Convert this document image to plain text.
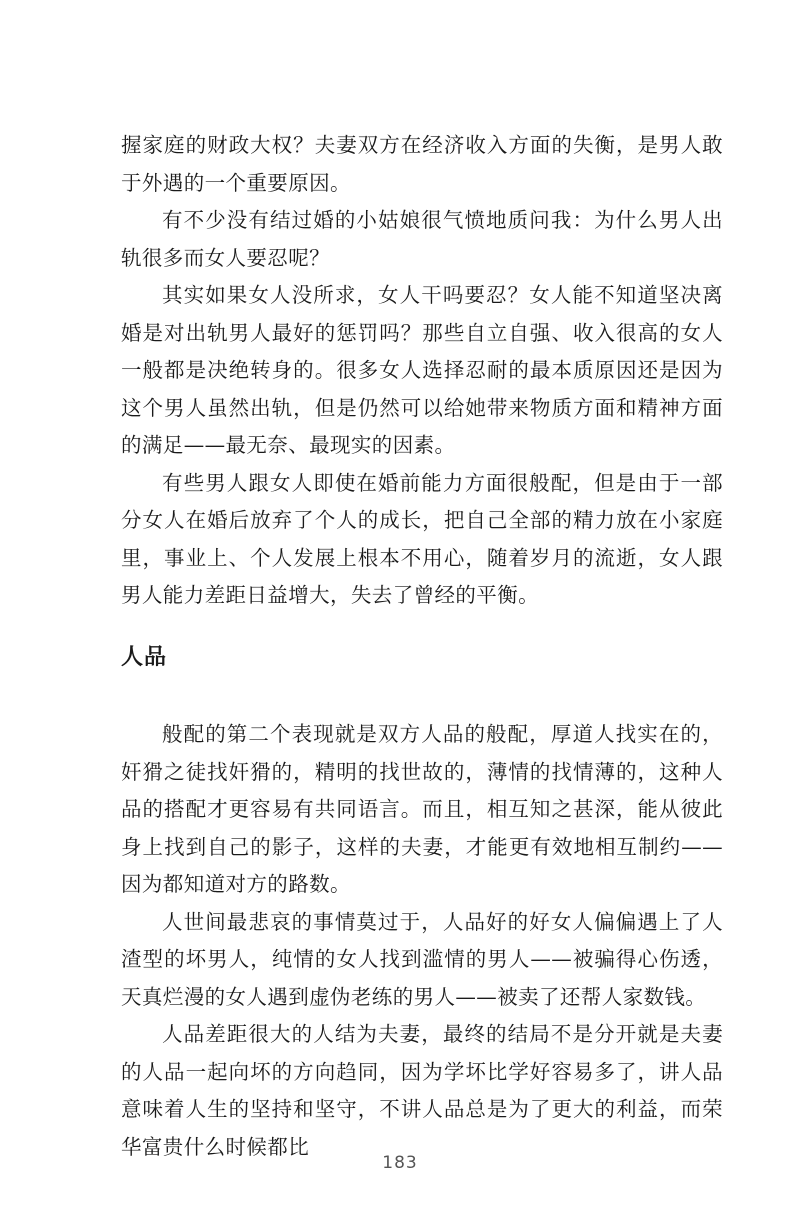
握家庭的财政大权？夫妻双方在经济收入方面的失衡，是男人敢于外遇的一个重要原因。

有不少没有结过婚的小姑娘很气愤地质问我：为什么男人出轨很多而女人要忍呢？

其实如果女人没所求，女人干吗要忍？女人能不知道坚决离婚是对出轨男人最好的惩罚吗？那些自立自强、收入很高的女人一般都是决绝转身的。很多女人选择忍耐的最本质原因还是因为这个男人虽然出轨，但是仍然可以给她带来物质方面和精神方面的满足——最无奈、最现实的因素。

有些男人跟女人即使在婚前能力方面很般配，但是由于一部分女人在婚后放弃了个人的成长，把自己全部的精力放在小家庭里，事业上、个人发展上根本不用心，随着岁月的流逝，女人跟男人能力差距日益增大，失去了曾经的平衡。

人品

般配的第二个表现就是双方人品的般配，厚道人找实在的，奸猾之徒找奸猾的，精明的找世故的，薄情的找情薄的，这种人品的搭配才更容易有共同语言。而且，相互知之甚深，能从彼此身上找到自己的影子，这样的夫妻，才能更有效地相互制约——因为都知道对方的路数。

人世间最悲哀的事情莫过于，人品好的好女人偏偏遇上了人渣型的坏男人，纯情的女人找到滥情的男人——被骗得心伤透，天真烂漫的女人遇到虚伪老练的男人——被卖了还帮人家数钱。

人品差距很大的人结为夫妻，最终的结局不是分开就是夫妻的人品一起向坏的方向趋同，因为学坏比学好容易多了，讲人品意味着人生的坚持和坚守，不讲人品总是为了更大的利益，而荣华富贵什么时候都比

183
